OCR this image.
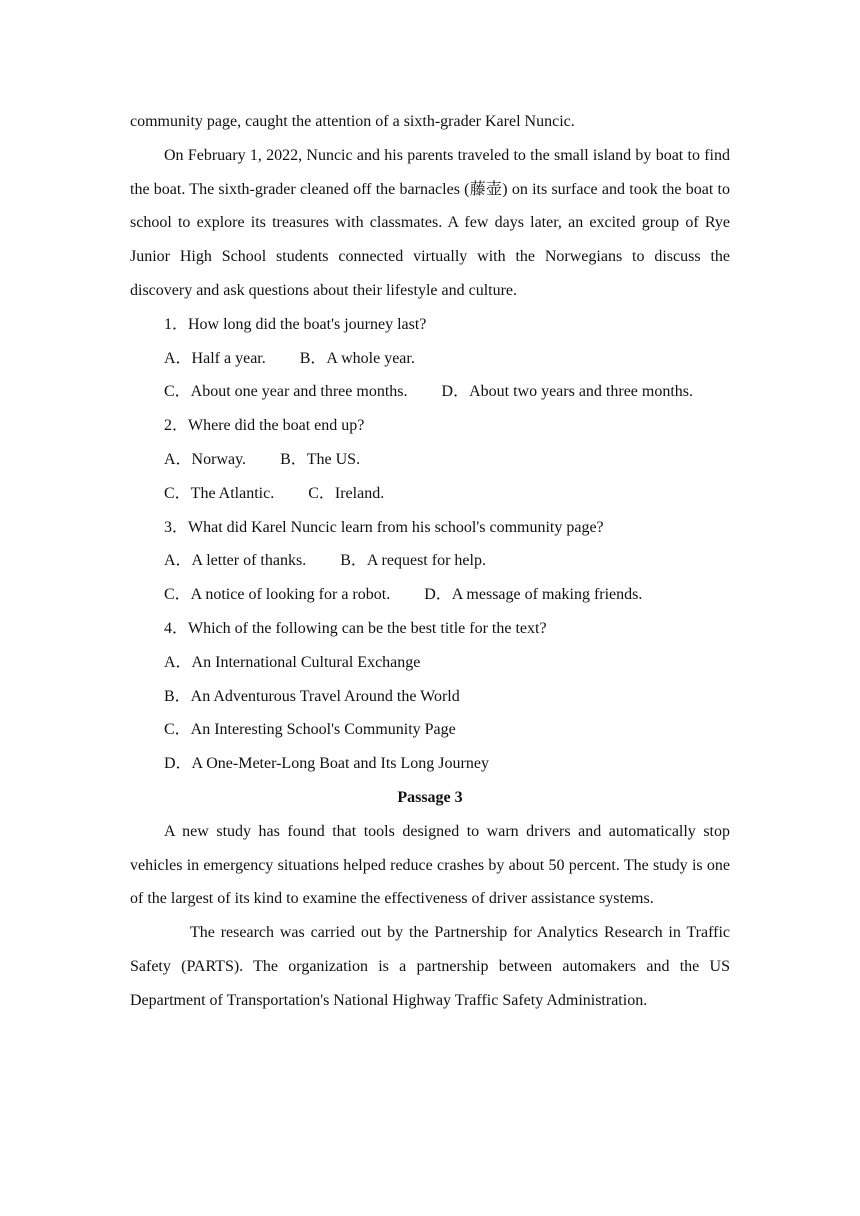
community page, caught the attention of a sixth-grader Karel Nuncic.

On February 1, 2022, Nuncic and his parents traveled to the small island by boat to find the boat. The sixth-grader cleaned off the barnacles (藤壶) on its surface and took the boat to school to explore its treasures with classmates. A few days later, an excited group of Rye Junior High School students connected virtually with the Norwegians to discuss the discovery and ask questions about their lifestyle and culture.

1．How long did the boat's journey last?

A．Half a year. B．A whole year.

C．About one year and three months. D．About two years and three months.

2．Where did the boat end up?

A．Norway. B．The US.

C．The Atlantic. C．Ireland.

3．What did Karel Nuncic learn from his school's community page?

A．A letter of thanks. B．A request for help.

C．A notice of looking for a robot. D．A message of making friends.

4．Which of the following can be the best title for the text?

A．An International Cultural Exchange

B．An Adventurous Travel Around the World

C．An Interesting School's Community Page

D．A One-Meter-Long Boat and Its Long Journey

Passage 3

A new study has found that tools designed to warn drivers and automatically stop vehicles in emergency situations helped reduce crashes by about 50 percent. The study is one of the largest of its kind to examine the effectiveness of driver assistance systems.

The research was carried out by the Partnership for Analytics Research in Traffic Safety (PARTS). The organization is a partnership between automakers and the US Department of Transportation's National Highway Traffic Safety Administration.
